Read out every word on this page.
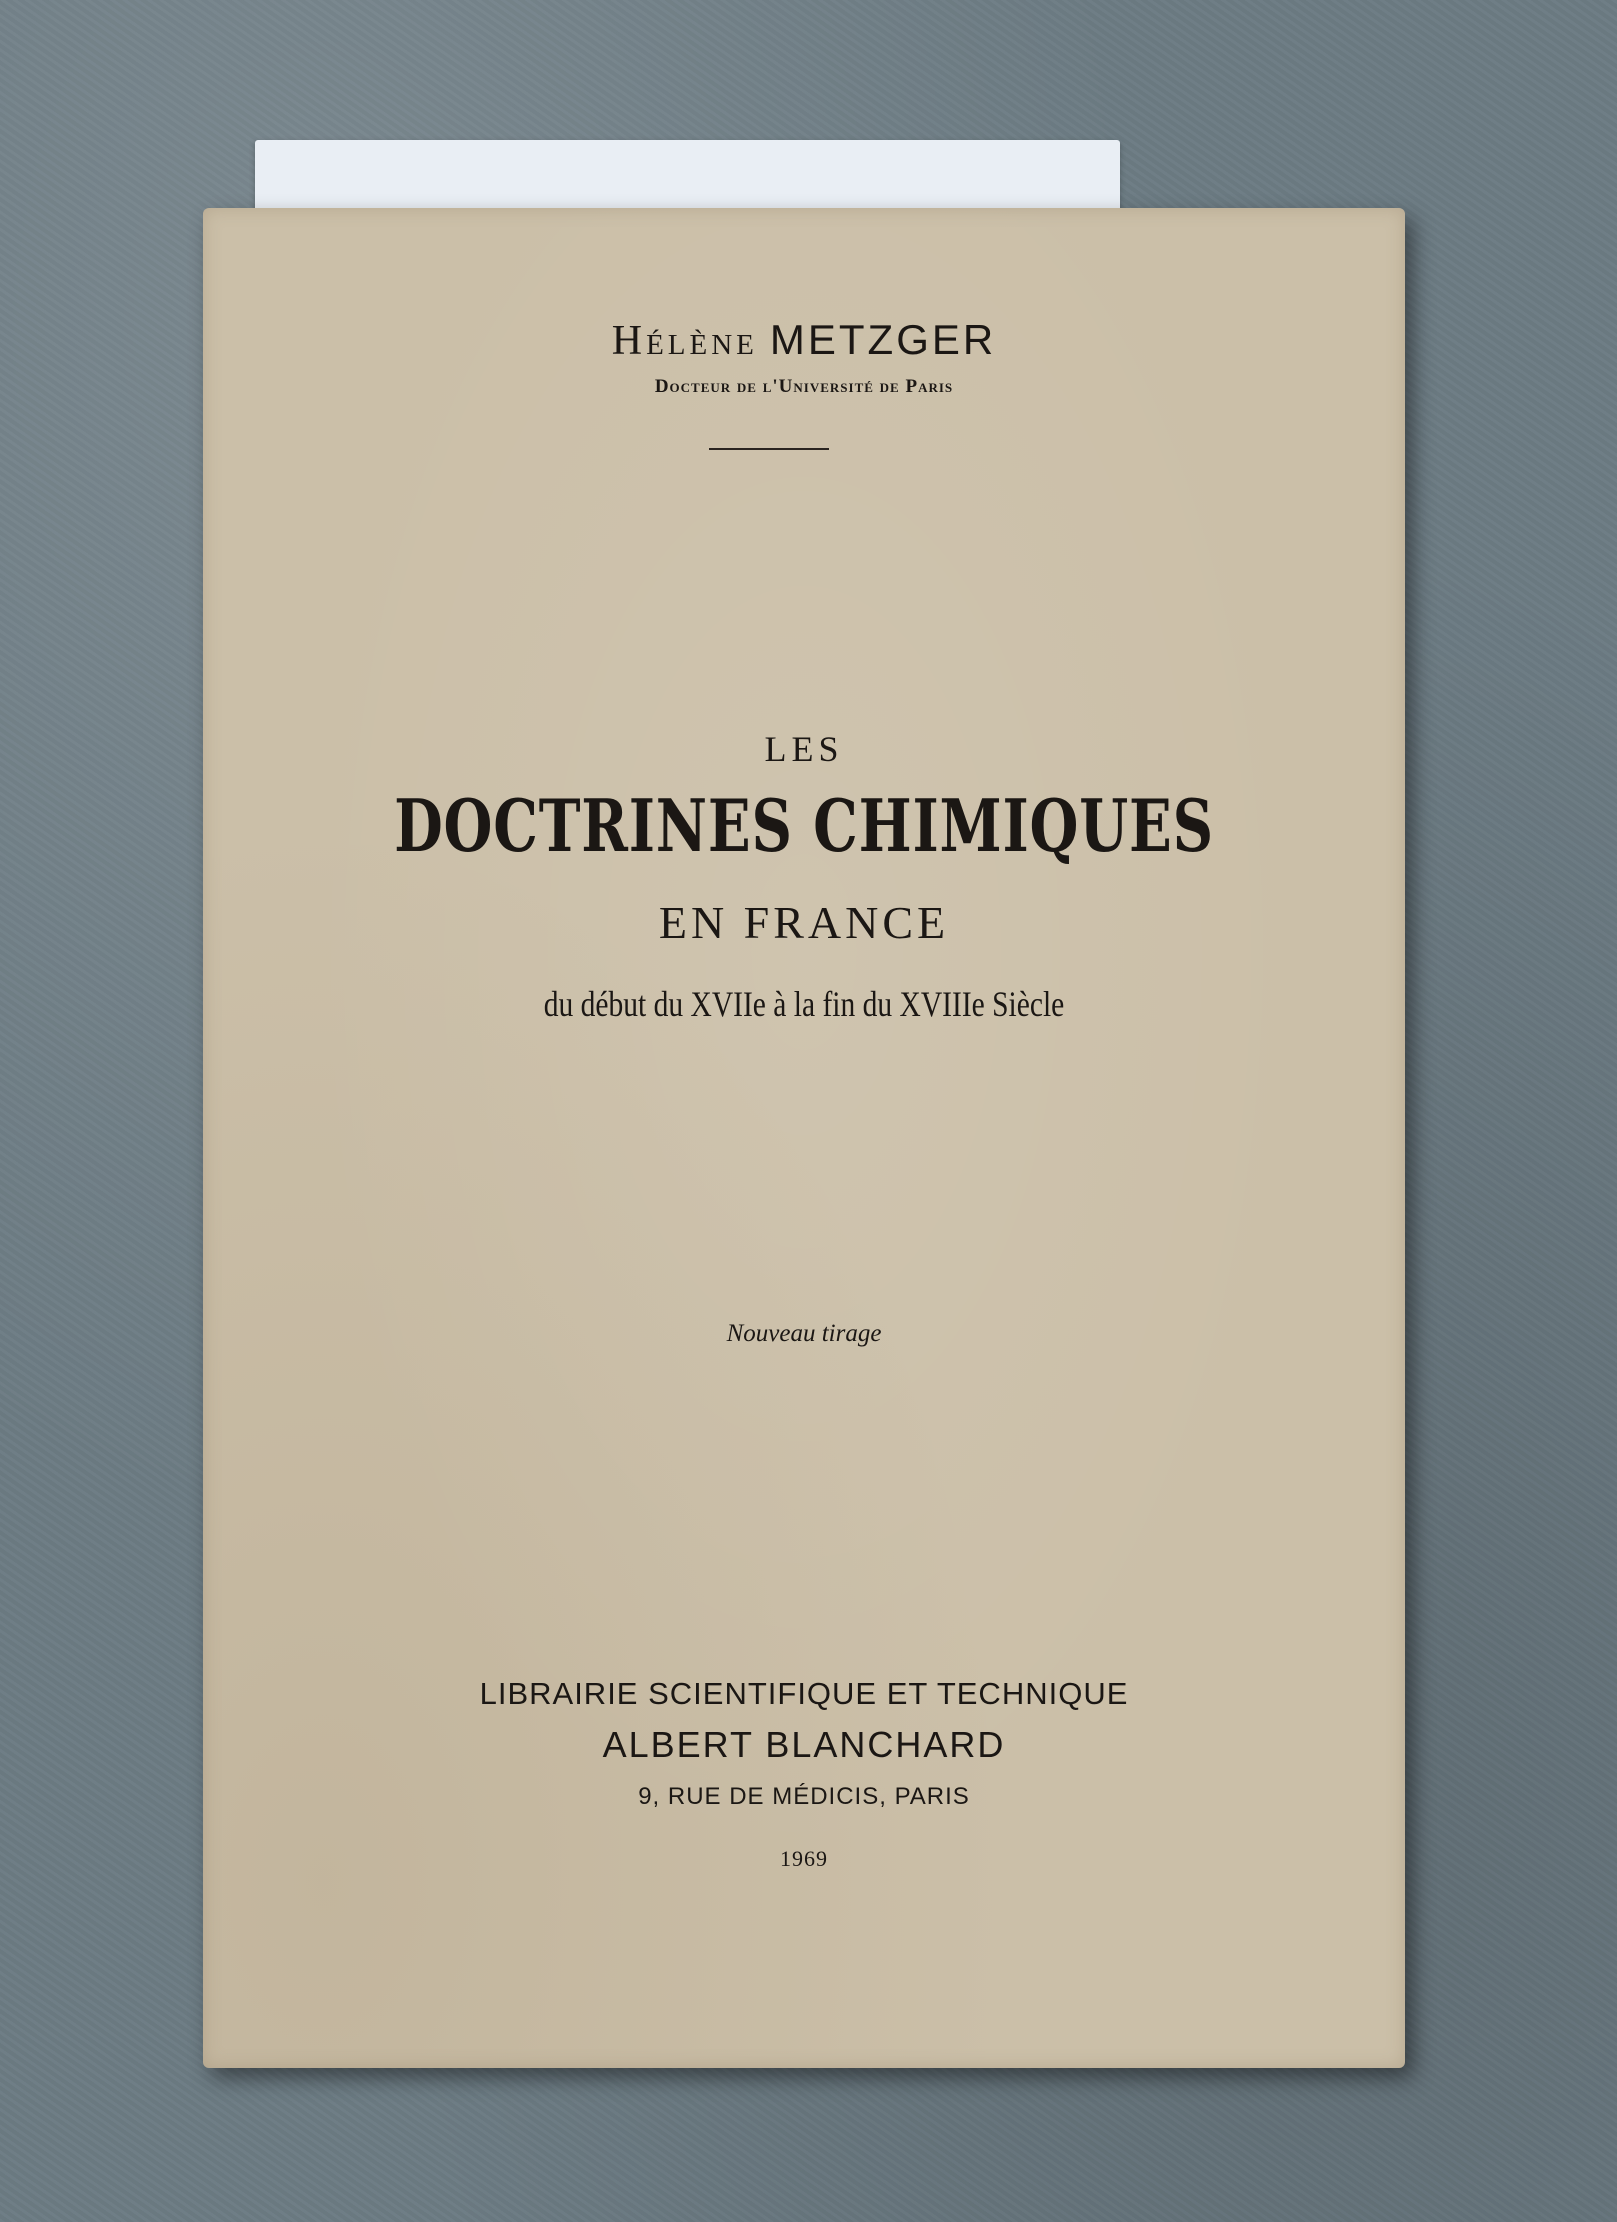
Hélène METZGER
Docteur de l'Université de Paris
LES
DOCTRINES CHIMIQUES
EN FRANCE
du début du XVIIe à la fin du XVIIIe Siècle
Nouveau tirage
LIBRAIRIE SCIENTIFIQUE ET TECHNIQUE
ALBERT BLANCHARD
9, RUE DE MÉDICIS, PARIS
1969
